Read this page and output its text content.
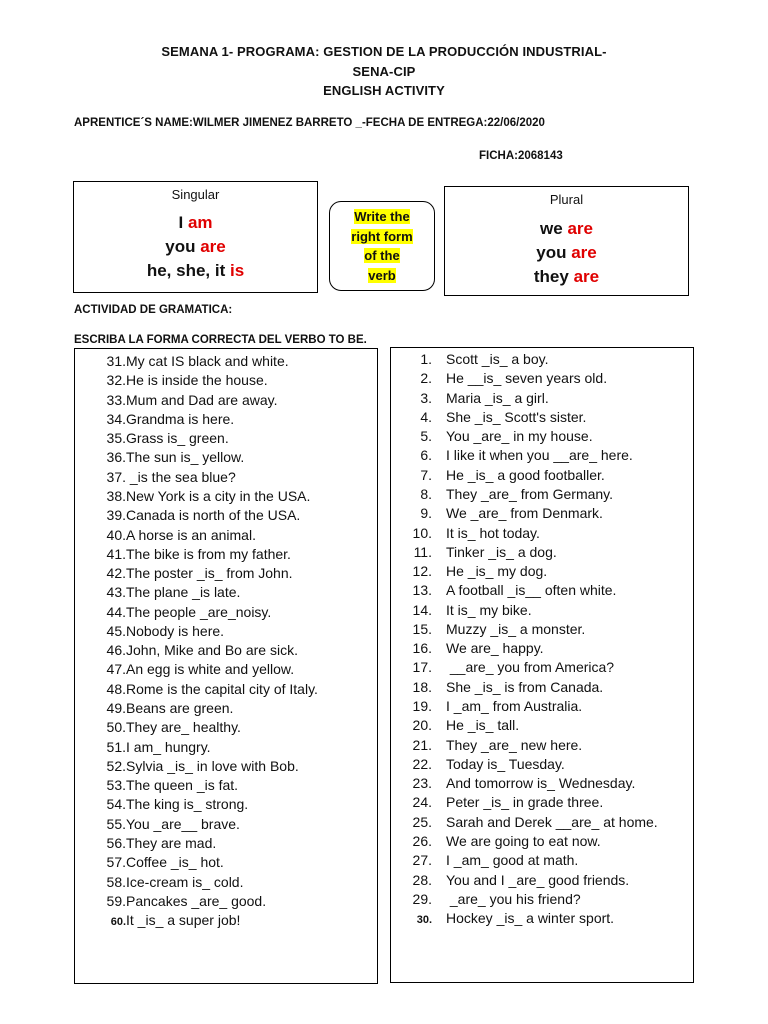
SEMANA 1- PROGRAMA: GESTION DE LA PRODUCCIÓN INDUSTRIAL-
SENA-CIP
ENGLISH ACTIVITY
APRENTICE´S NAME:WILMER JIMENEZ BARRETO _-FECHA DE ENTREGA:22/06/2020
FICHA:2068143
Singular
I am
you are
he, she, it is
Write the
right form
of the
verb
Plural
we are
you are
they are
ACTIVIDAD DE GRAMATICA:
ESCRIBA LA FORMA CORRECTA DEL VERBO TO BE.
31.My cat IS black and white.
32.He is inside the house.
33.Mum and Dad are away.
34.Grandma is here.
35.Grass is_ green.
36.The sun is_ yellow.
37. _is the sea blue?
38.New York is a city in the USA.
39.Canada is north of the USA.
40.A horse is an animal.
41.The bike is from my father.
42.The poster _is_ from John.
43.The plane _is late.
44.The people _are_noisy.
45.Nobody is here.
46.John, Mike and Bo are sick.
47.An egg is white and yellow.
48.Rome is the capital city of Italy.
49.Beans are green.
50.They are_ healthy.
51.I am_ hungry.
52.Sylvia _is_ in love with Bob.
53.The queen _is fat.
54.The king is_ strong.
55.You _are__ brave.
56.They are mad.
57.Coffee _is_ hot.
58.Ice-cream is_ cold.
59.Pancakes _are_ good.
60.It _is_ a super job!
1. Scott _is_ a boy.
2. He __is_ seven years old.
3. Maria _is_ a girl.
4. She _is_ Scott's sister.
5. You _are_ in my house.
6. I like it when you __are_ here.
7. He _is_ a good footballer.
8. They _are_ from Germany.
9. We _are_ from Denmark.
10. It is_ hot today.
11. Tinker _is_ a dog.
12. He _is_ my dog.
13. A football _is__ often white.
14. It is_ my bike.
15. Muzzy _is_ a monster.
16. We are_ happy.
17. __are_ you from America?
18. She _is_ is from Canada.
19. I _am_ from Australia.
20. He _is_ tall.
21. They _are_ new here.
22. Today is_ Tuesday.
23. And tomorrow is_ Wednesday.
24. Peter _is_ in grade three.
25. Sarah and Derek __are_ at home.
26. We are going to eat now.
27. I _am_ good at math.
28. You and I _are_ good friends.
29. _are_ you his friend?
30. Hockey _is_ a winter sport.
